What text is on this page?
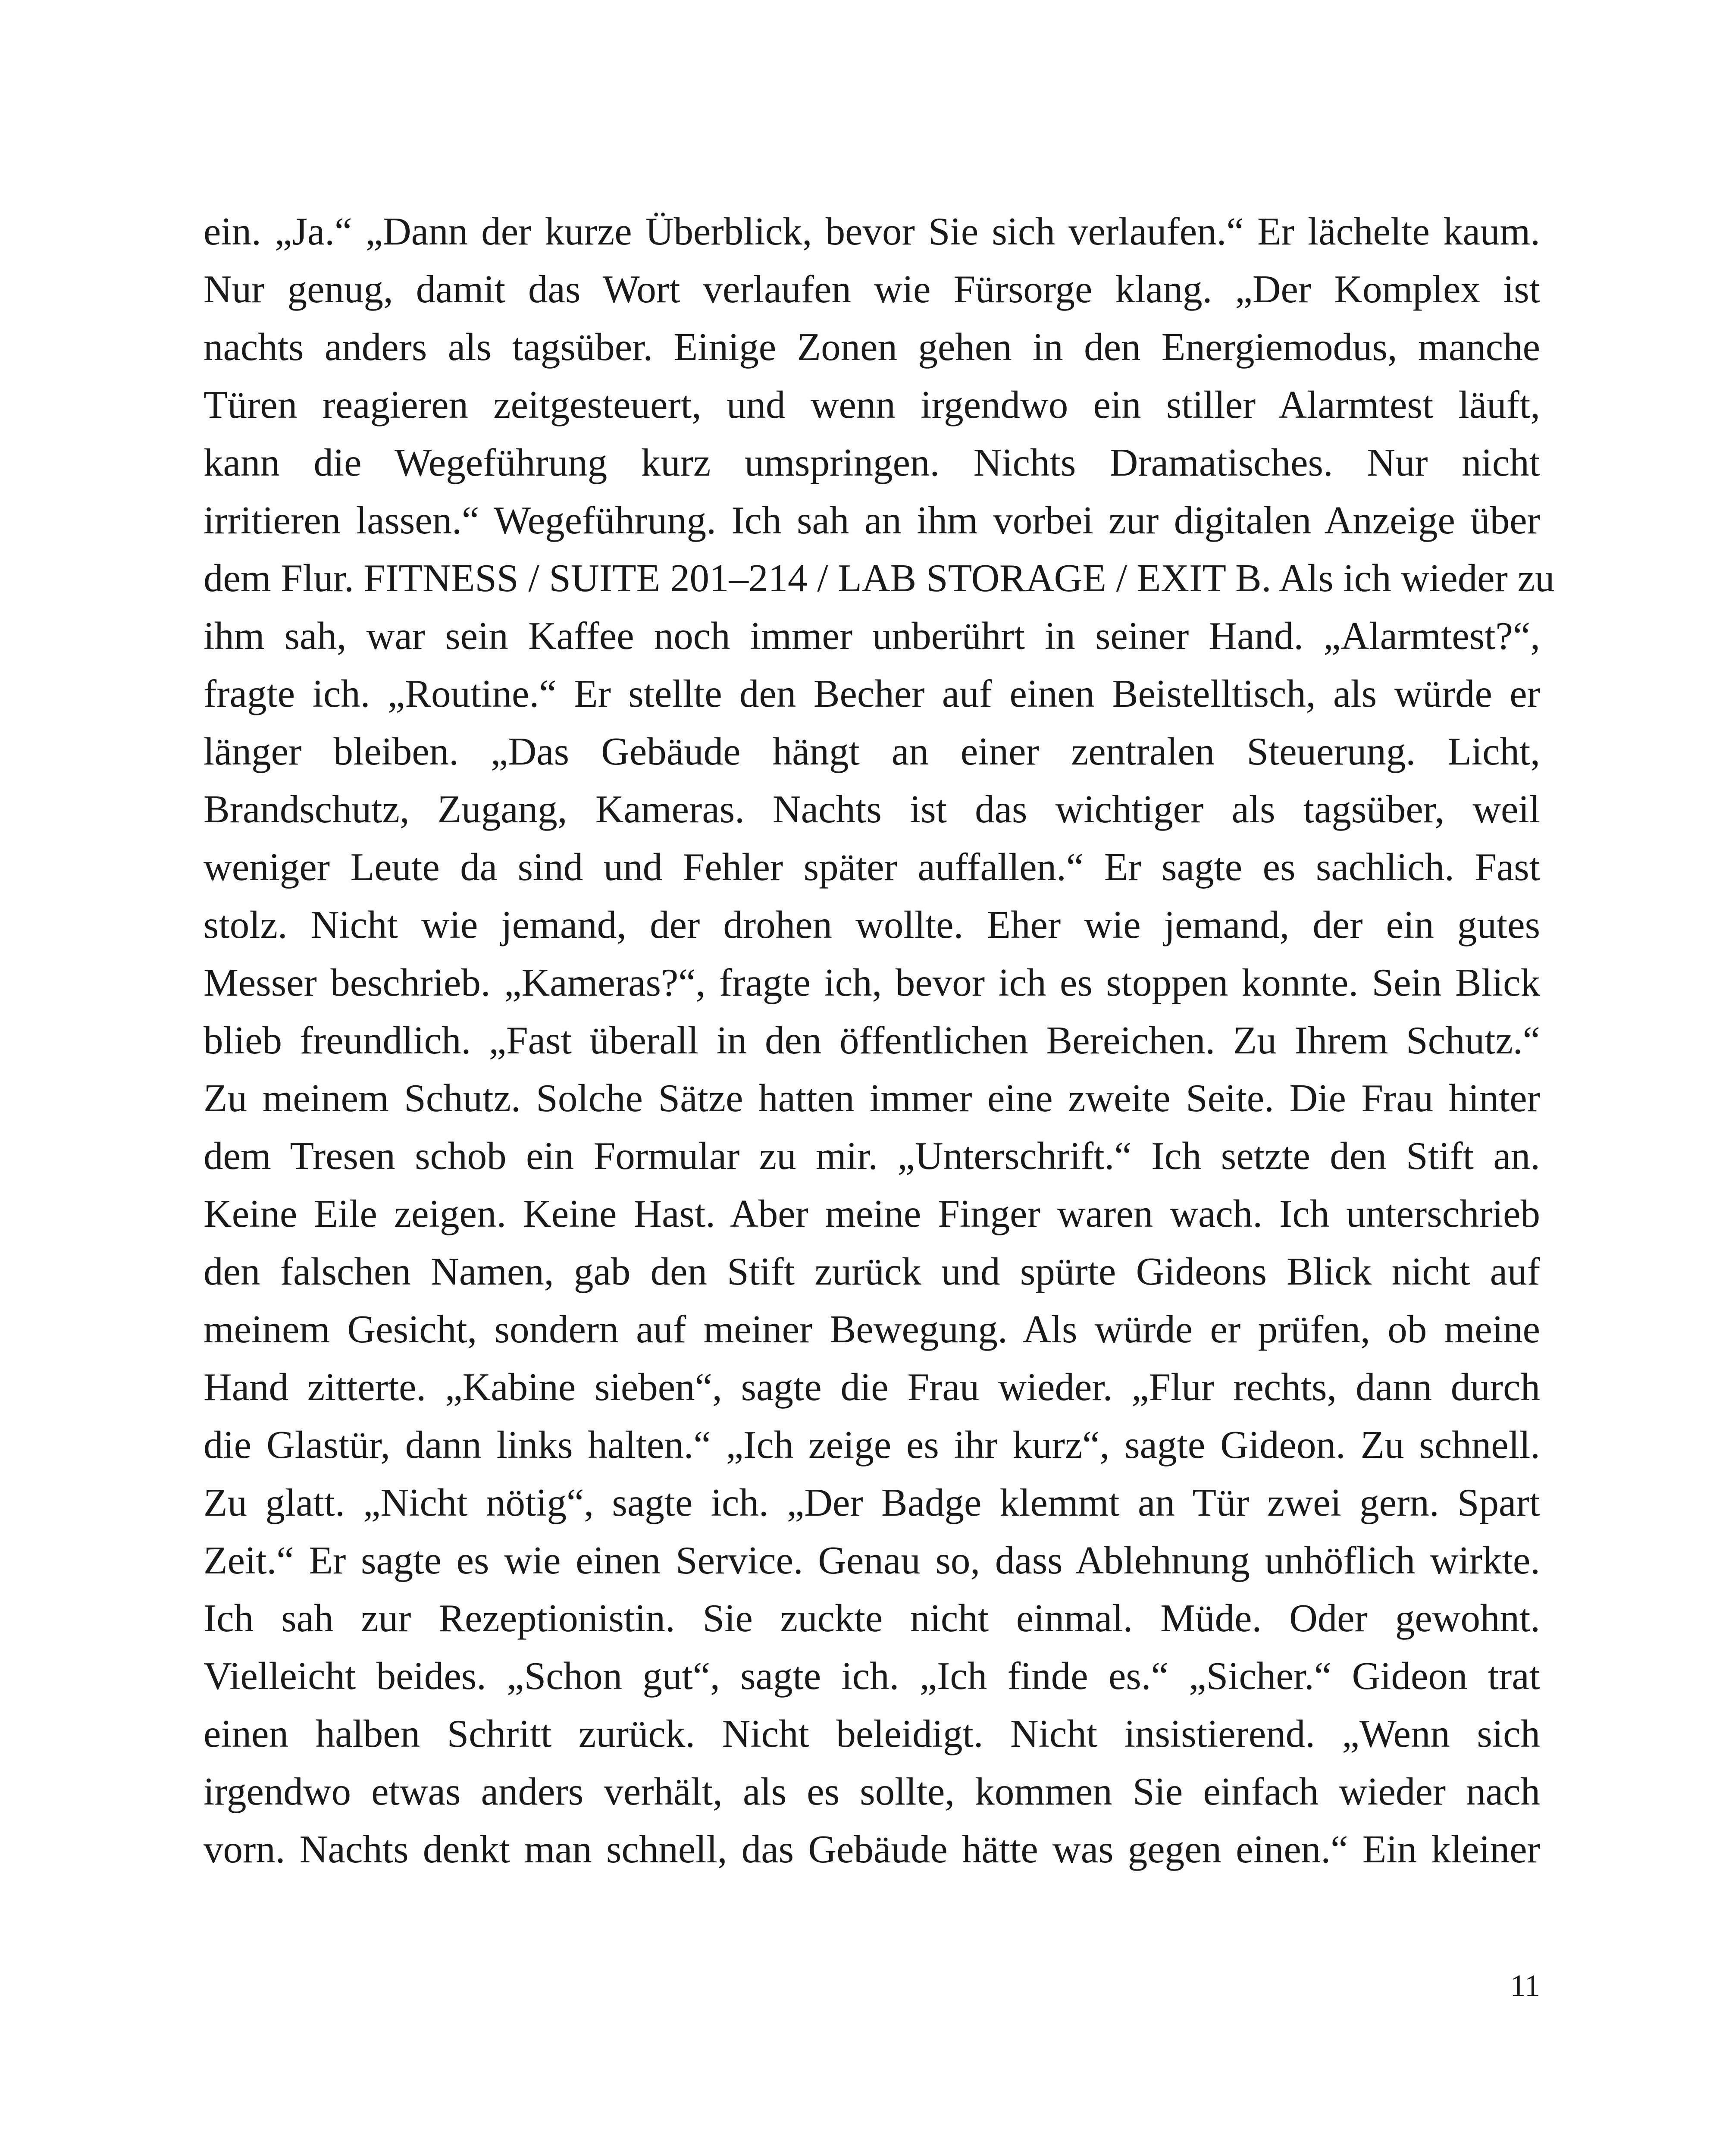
ein. „Ja.“ „Dann der kurze Überblick, bevor Sie sich verlaufen.“ Er lächelte kaum.
Nur genug, damit das Wort verlaufen wie Fürsorge klang. „Der Komplex ist
nachts anders als tagsüber. Einige Zonen gehen in den Energiemodus, manche
Türen reagieren zeitgesteuert, und wenn irgendwo ein stiller Alarmtest läuft,
kann die Wegeführung kurz umspringen. Nichts Dramatisches. Nur nicht
irritieren lassen.“ Wegeführung. Ich sah an ihm vorbei zur digitalen Anzeige über
dem Flur. FITNESS / SUITE 201–214 / LAB STORAGE / EXIT B. Als ich wieder zu
ihm sah, war sein Kaffee noch immer unberührt in seiner Hand. „Alarmtest?“,
fragte ich. „Routine.“ Er stellte den Becher auf einen Beistelltisch, als würde er
länger bleiben. „Das Gebäude hängt an einer zentralen Steuerung. Licht,
Brandschutz, Zugang, Kameras. Nachts ist das wichtiger als tagsüber, weil
weniger Leute da sind und Fehler später auffallen.“ Er sagte es sachlich. Fast
stolz. Nicht wie jemand, der drohen wollte. Eher wie jemand, der ein gutes
Messer beschrieb. „Kameras?“, fragte ich, bevor ich es stoppen konnte. Sein Blick
blieb freundlich. „Fast überall in den öffentlichen Bereichen. Zu Ihrem Schutz.“
Zu meinem Schutz. Solche Sätze hatten immer eine zweite Seite. Die Frau hinter
dem Tresen schob ein Formular zu mir. „Unterschrift.“ Ich setzte den Stift an.
Keine Eile zeigen. Keine Hast. Aber meine Finger waren wach. Ich unterschrieb
den falschen Namen, gab den Stift zurück und spürte Gideons Blick nicht auf
meinem Gesicht, sondern auf meiner Bewegung. Als würde er prüfen, ob meine
Hand zitterte. „Kabine sieben“, sagte die Frau wieder. „Flur rechts, dann durch
die Glastür, dann links halten.“ „Ich zeige es ihr kurz“, sagte Gideon. Zu schnell.
Zu glatt. „Nicht nötig“, sagte ich. „Der Badge klemmt an Tür zwei gern. Spart
Zeit.“ Er sagte es wie einen Service. Genau so, dass Ablehnung unhöflich wirkte.
Ich sah zur Rezeptionistin. Sie zuckte nicht einmal. Müde. Oder gewohnt.
Vielleicht beides. „Schon gut“, sagte ich. „Ich finde es.“ „Sicher.“ Gideon trat
einen halben Schritt zurück. Nicht beleidigt. Nicht insistierend. „Wenn sich
irgendwo etwas anders verhält, als es sollte, kommen Sie einfach wieder nach
vorn. Nachts denkt man schnell, das Gebäude hätte was gegen einen.“ Ein kleiner
11
